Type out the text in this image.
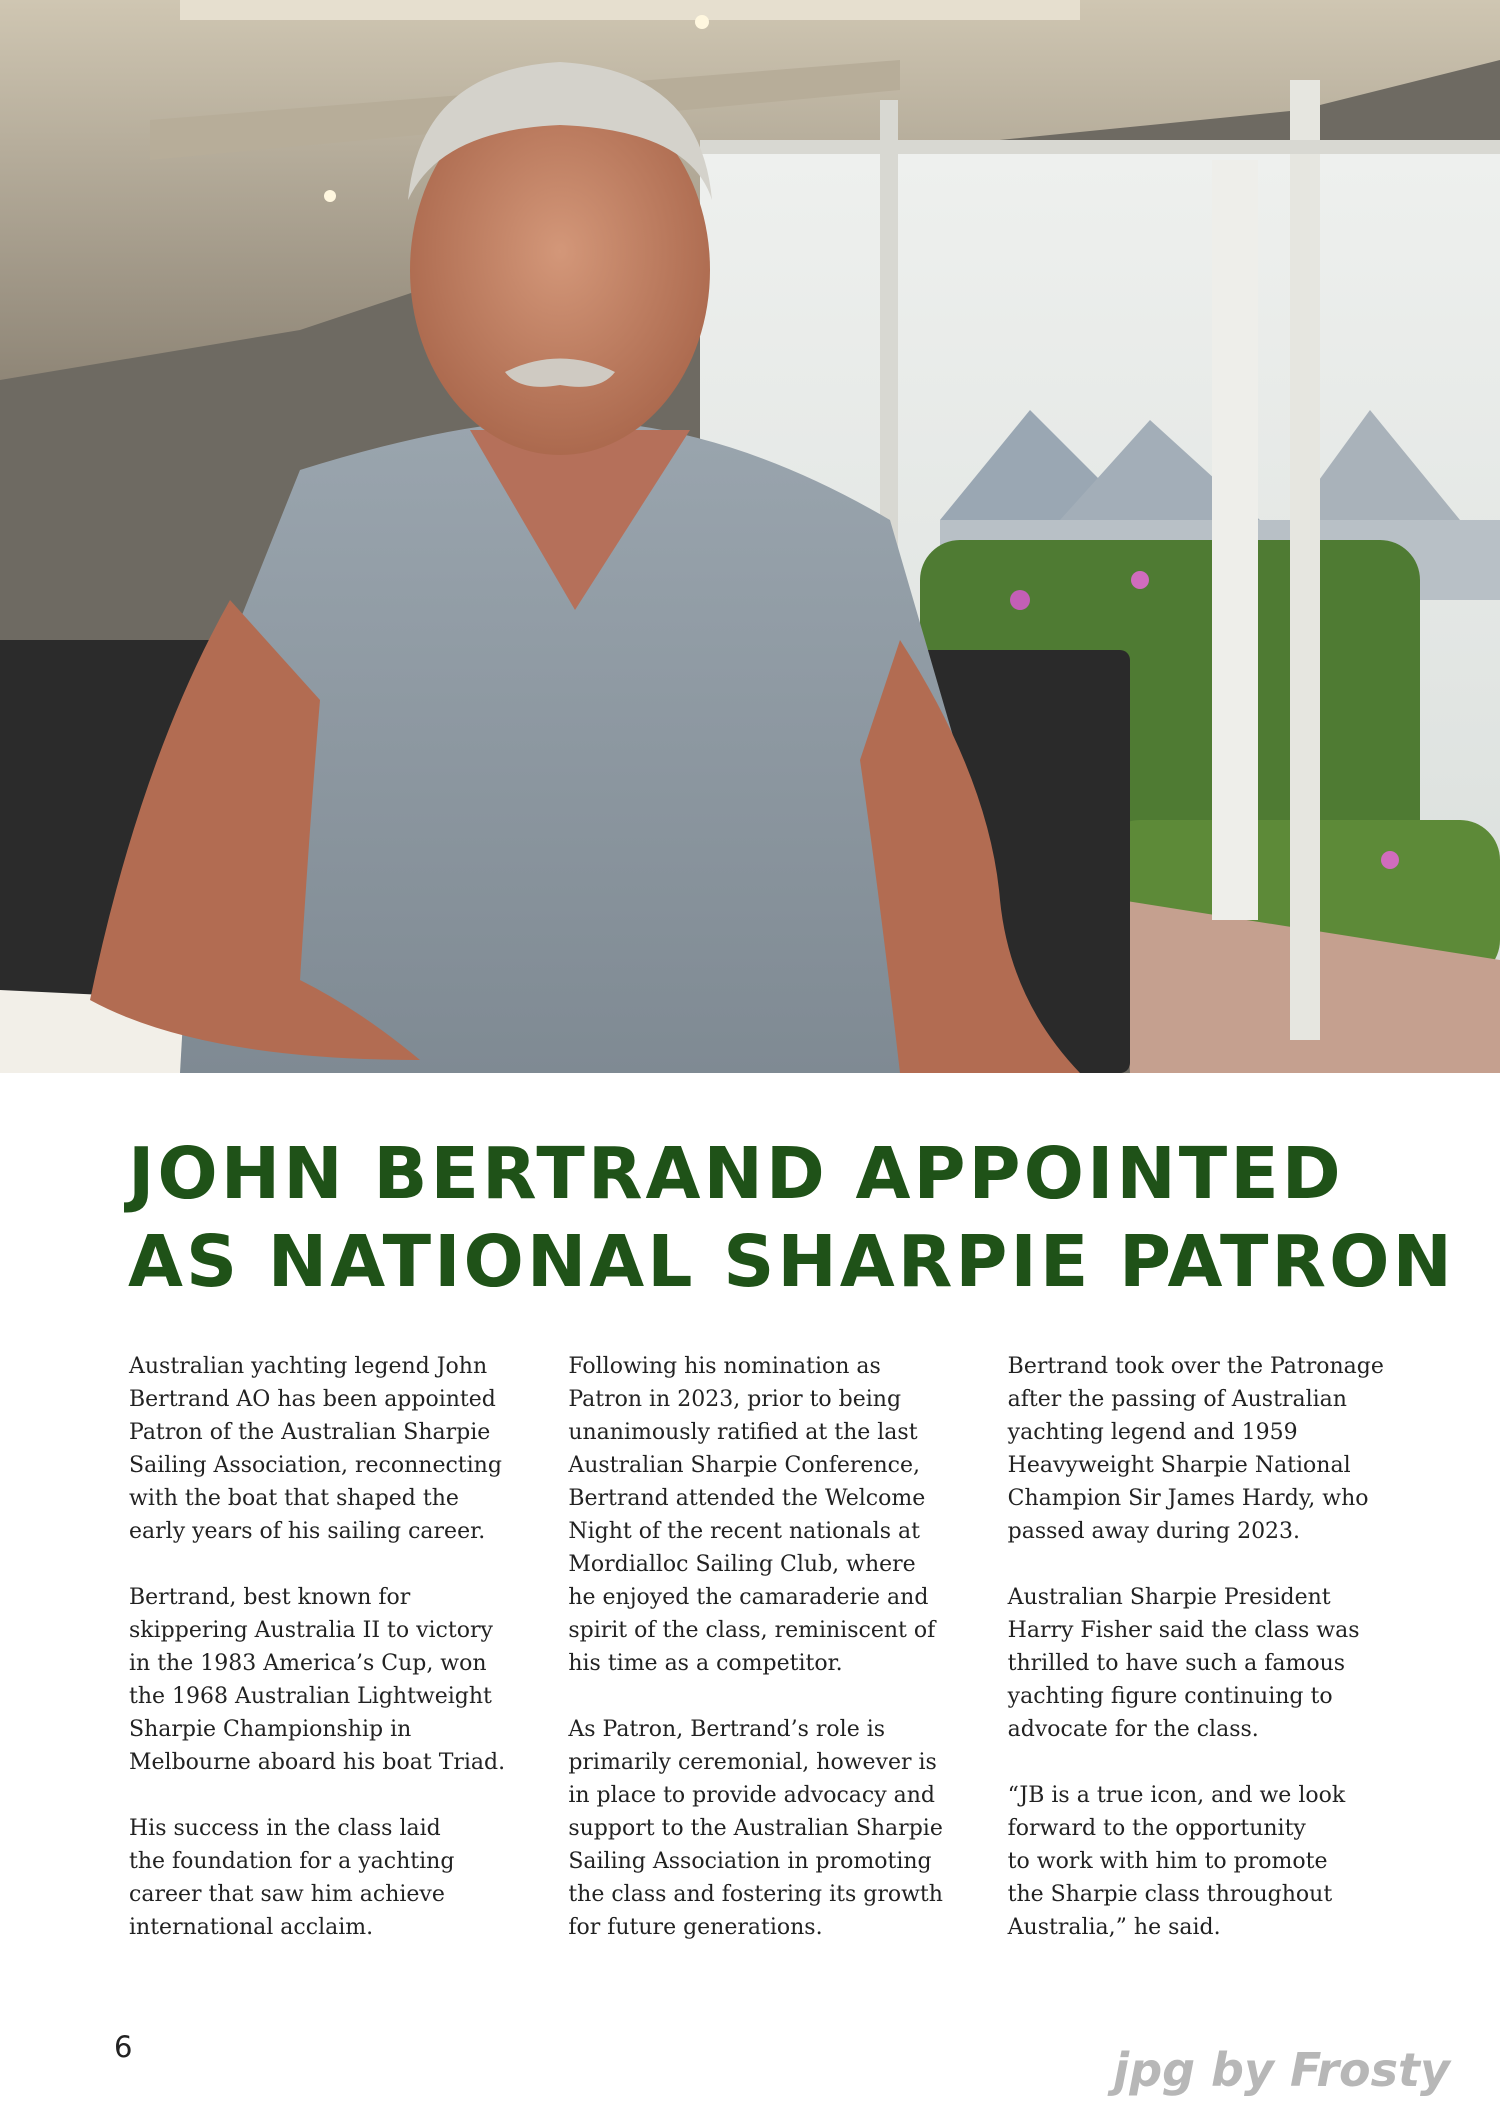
JOHN BERTRAND APPOINTED
AS NATIONAL SHARPIE PATRON

Australian yachting legend John
Bertrand AO has been appointed
Patron of the Australian Sharpie
Sailing Association, reconnecting
with the boat that shaped the
early years of his sailing career.

Bertrand, best known for
skippering Australia II to victory
in the 1983 America’s Cup, won
the 1968 Australian Lightweight
Sharpie Championship in
Melbourne aboard his boat Triad.

His success in the class laid
the foundation for a yachting
career that saw him achieve
international acclaim.

Following his nomination as
Patron in 2023, prior to being
unanimously ratified at the last
Australian Sharpie Conference,
Bertrand attended the Welcome
Night of the recent nationals at
Mordialloc Sailing Club, where
he enjoyed the camaraderie and
spirit of the class, reminiscent of
his time as a competitor.

As Patron, Bertrand’s role is
primarily ceremonial, however is
in place to provide advocacy and
support to the Australian Sharpie
Sailing Association in promoting
the class and fostering its growth
for future generations.

Bertrand took over the Patronage
after the passing of Australian
yachting legend and 1959
Heavyweight Sharpie National
Champion Sir James Hardy, who
passed away during 2023.

Australian Sharpie President
Harry Fisher said the class was
thrilled to have such a famous
yachting figure continuing to
advocate for the class.

“JB is a true icon, and we look
forward to the opportunity
to work with him to promote
the Sharpie class throughout
Australia,” he said.

6	jpg by Frosty
